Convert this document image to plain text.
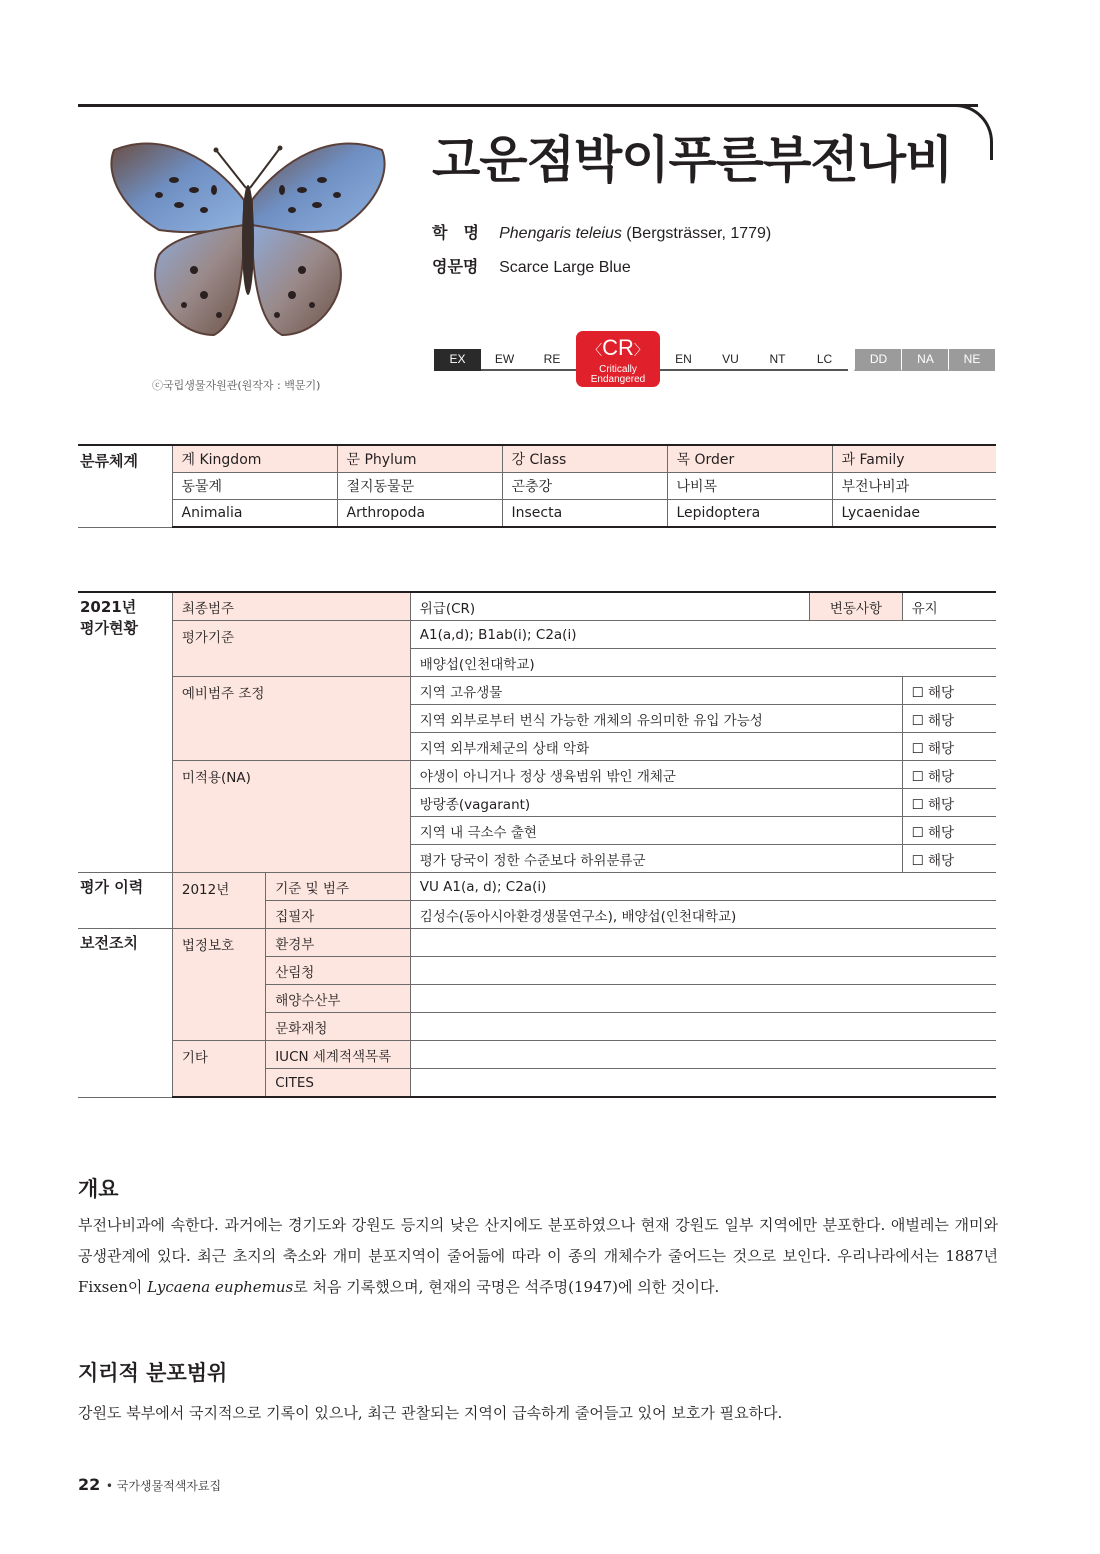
ⓒ국립생물자원관(원작자 : 백문기)
고운점박이푸른부전나비
학　명 Phengaris teleius (Bergsträsser, 1779)
영문명 Scarce Large Blue
EX	EW	RE	EN	VU	NT	LC	DD	NA	NE
〈CR〉
Critically
Endangered
분류체계	계 Kingdom	문 Phylum	강 Class	목 Order	과 Family
	동물계	절지동물문	곤충강	나비목	부전나비과
	Animalia	Arthropoda	Insecta	Lepidoptera	Lycaenidae
2021년
평가현황	최종범주		위급(CR)	변동사항	유지
	평가기준		A1(a,d); B1ab(i); C2a(i)		
			배양섭(인천대학교)		
	예비범주 조정		지역 고유생물		☐ 해당
			지역 외부로부터 번식 가능한 개체의 유의미한 유입 가능성		☐ 해당
			지역 외부개체군의 상태 악화		☐ 해당
	미적용(NA)		야생이 아니거나 정상 생육범위 밖인 개체군		☐ 해당
			방랑종(vagarant)		☐ 해당
			지역 내 극소수 출현		☐ 해당
			평가 당국이 정한 수준보다 하위분류군		☐ 해당
평가 이력	2012년	기준 및 범주	VU A1(a, d); C2a(i)		
		집필자	김성수(동아시아환경생물연구소), 배양섭(인천대학교)		
보전조치	법정보호	환경부			
		산림청			
		해양수산부			
		문화재청			
	기타	IUCN 세계적색목록			
		CITES			
개요
부전나비과에 속한다. 과거에는 경기도와 강원도 등지의 낮은 산지에도 분포하였으나 현재 강원도 일부 지역에만 분포한다. 애벌레는 개미와 공생관계에 있다. 최근 초지의 축소와 개미 분포지역이 줄어듦에 따라 이 종의 개체수가 줄어드는 것으로 보인다. 우리나라에서는 1887년 Fixsen이 Lycaena euphemus로 처음 기록했으며, 현재의 국명은 석주명(1947)에 의한 것이다.
지리적 분포범위
강원도 북부에서 국지적으로 기록이 있으나, 최근 관찰되는 지역이 급속하게 줄어들고 있어 보호가 필요하다.
22 • 국가생물적색자료집
